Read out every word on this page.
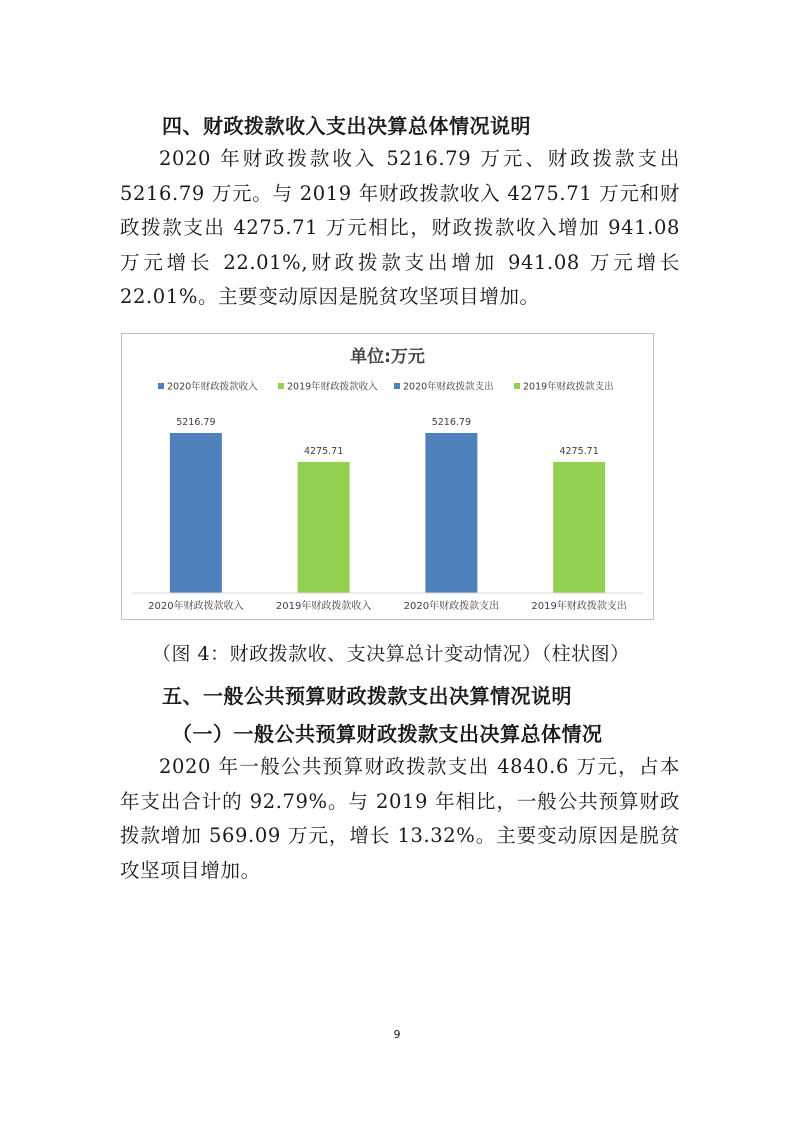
四、财政拨款收入支出决算总体情况说明

2020 年财政拨款收入 5216.79 万元、财政拨款支出 5216.79 万元。与 2019 年财政拨款收入 4275.71 万元和财政拨款支出 4275.71 万元相比，财政拨款收入增加 941.08 万元增长 22.01%,财政拨款支出增加 941.08 万元增长 22.01%。主要变动原因是脱贫攻坚项目增加。

单位:万元
2020年财政拨款收入	2019年财政拨款收入	2020年财政拨款支出	2019年财政拨款支出
5216.79
2020年财政拨款收入
4275.71
2019年财政拨款收入
5216.79
2020年财政拨款支出
4275.71
2019年财政拨款支出
（图 4：财政拨款收、支决算总计变动情况）（柱状图）
五、一般公共预算财政拨款支出决算情况说明
（一）一般公共预算财政拨款支出决算总体情况

2020 年一般公共预算财政拨款支出 4840.6 万元，占本年支出合计的 92.79%。与 2019 年相比，一般公共预算财政拨款增加 569.09 万元，增长 13.32%。主要变动原因是脱贫攻坚项目增加。

9
